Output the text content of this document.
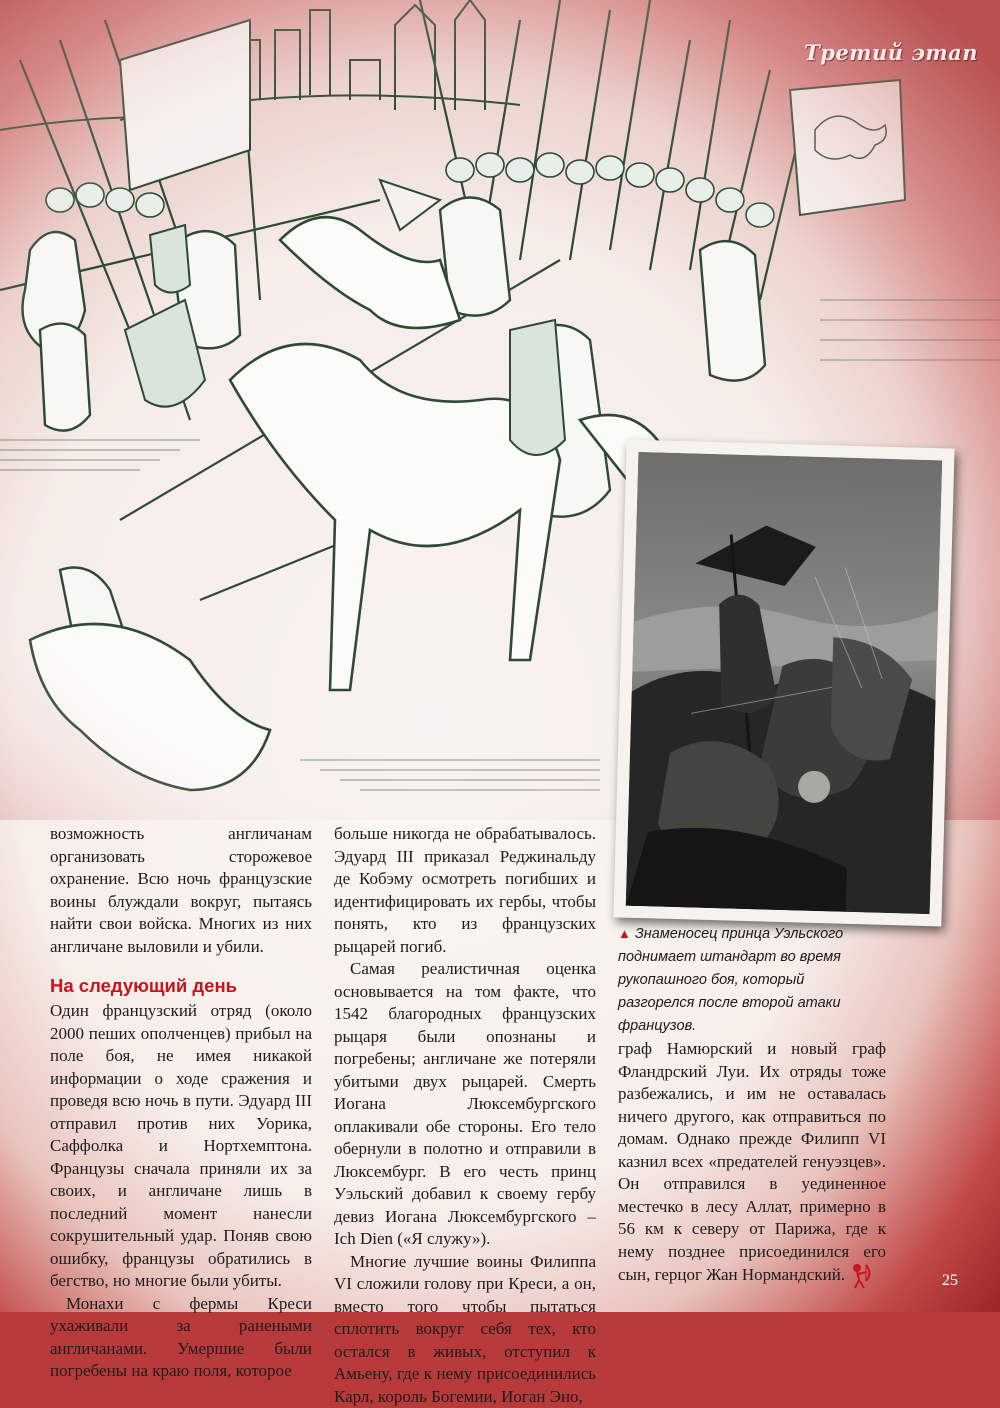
Третий этап
▲ Знаменосец принца Уэльского поднимает штандарт во время рукопашного боя, который разгорелся после второй атаки французов.

возможность англичанам организовать сторожевое охранение. Всю ночь французские воины блуждали вокруг, пытаясь найти свои войска. Многих из них англичане выловили и убили.

На следующий день

Один французский отряд (около 2000 пеших ополченцев) прибыл на поле боя, не имея никакой информации о ходе сражения и проведя всю ночь в пути. Эдуард III отправил против них Уорика, Саффолка и Нортхемптона. Французы сначала приняли их за своих, и англичане лишь в последний момент нанесли сокрушительный удар. Поняв свою ошибку, французы обратились в бегство, но многие были убиты.

Монахи с фермы Креси ухаживали за ранеными англичанами. Умершие были погребены на краю поля, которое

больше никогда не обрабатывалось. Эдуард III приказал Реджинальду де Кобэму осмотреть погибших и идентифицировать их гербы, чтобы понять, кто из французских рыцарей погиб.

Самая реалистичная оценка основывается на том факте, что 1542 благородных французских рыцаря были опознаны и погребены; англичане же потеряли убитыми двух рыцарей. Смерть Иогана Люксембургского оплакивали обе стороны. Его тело обернули в полотно и отправили в Люксембург. В его честь принц Уэльский добавил к своему гербу девиз Иогана Люксембургского – Ich Dien («Я служу»).

Многие лучшие воины Филиппа VI сложили голову при Креси, а он, вместо того чтобы пытаться сплотить вокруг себя тех, кто остался в живых, отступил к Амьену, где к нему присоединились Карл, король Богемии, Иоган Эно,

граф Намюрский и новый граф Фландрский Луи. Их отряды тоже разбежались, и им не оставалась ничего другого, как отправиться по домам. Однако прежде Филипп VI казнил всех «предателей генуэзцев». Он отправился в уединенное местечко в лесу Аллат, примерно в 56 км к северу от Парижа, где к нему позднее присоединился его сын, герцог Жан Нормандский.	25
